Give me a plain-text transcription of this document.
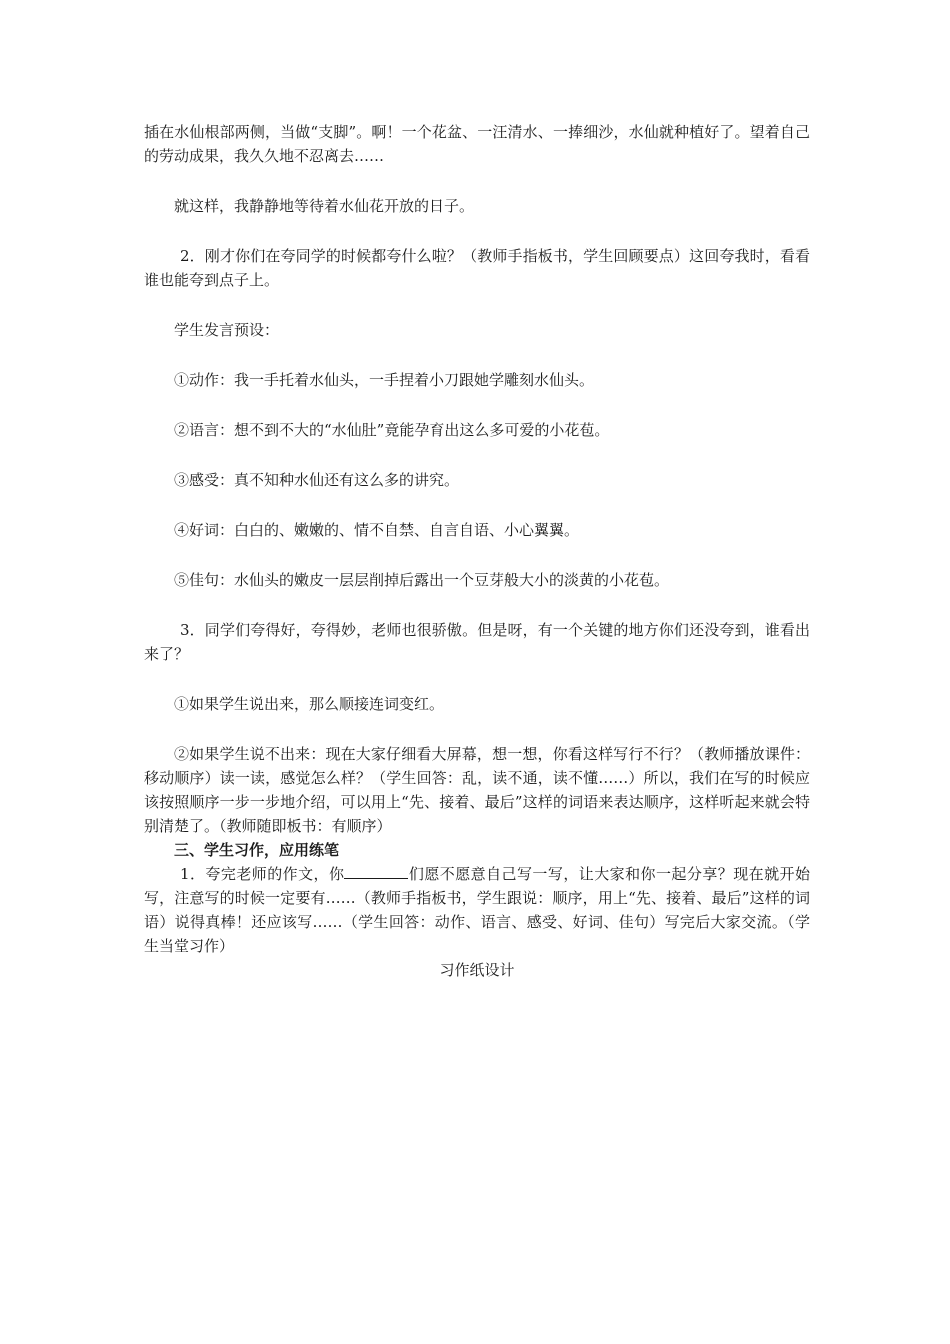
插在水仙根部两侧，当做“支脚”。啊！一个花盆、一汪清水、一捧细沙，水仙就种植好了。望着自己的劳动成果，我久久地不忍离去……

就这样，我静静地等待着水仙花开放的日子。

2．刚才你们在夸同学的时候都夸什么啦？（教师手指板书，学生回顾要点）这回夸我时，看看谁也能夸到点子上。

学生发言预设：

①动作：我一手托着水仙头，一手捏着小刀跟她学雕刻水仙头。

②语言：想不到不大的“水仙肚”竟能孕育出这么多可爱的小花苞。

③感受：真不知种水仙还有这么多的讲究。

④好词：白白的、嫩嫩的、情不自禁、自言自语、小心翼翼。

⑤佳句：水仙头的嫩皮一层层削掉后露出一个豆芽般大小的淡黄的小花苞。

3．同学们夸得好，夸得妙，老师也很骄傲。但是呀，有一个关键的地方你们还没夸到，谁看出来了？

①如果学生说出来，那么顺接连词变红。

②如果学生说不出来：现在大家仔细看大屏幕，想一想，你看这样写行不行？（教师播放课件：移动顺序）读一读，感觉怎么样？（学生回答：乱，读不通，读不懂……）所以，我们在写的时候应该按照顺序一步一步地介绍，可以用上“先、接着、最后”这样的词语来表达顺序，这样听起来就会特别清楚了。（教师随即板书：有顺序）

三、学生习作，应用练笔

1．夸完老师的作文，你	们愿不愿意自己写一写，让大家和你一起分享？现在就开始写，注意写的时候一定要有……（教师手指板书，学生跟说：顺序，用上“先、接着、最后”这样的词语）说得真棒！还应该写……（学生回答：动作、语言、感受、好词、佳句）写完后大家交流。（学生当堂习作）

习作纸设计
